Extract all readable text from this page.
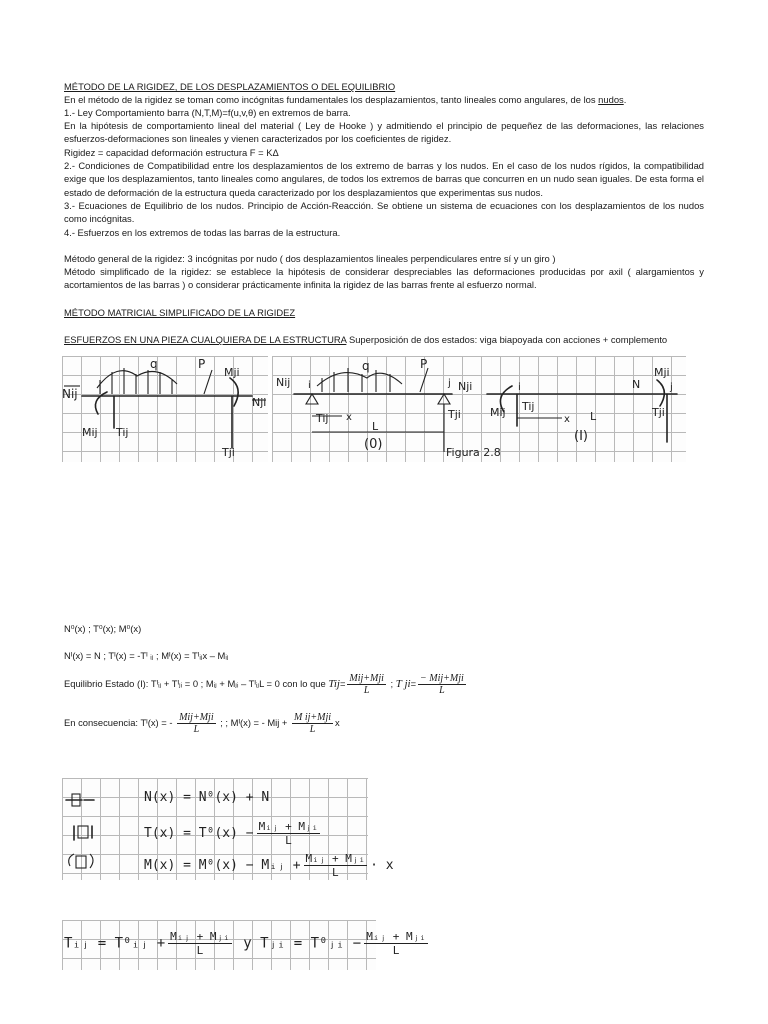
MÉTODO DE LA RIGIDEZ, DE LOS DESPLAZAMIENTOS O DEL EQUILIBRIO
En el método de la rigidez se toman como incógnitas fundamentales los desplazamientos, tanto lineales como angulares, de los nudos.
1.- Ley Comportamiento barra (N,T,M)=f(u,v,θ) en extremos de barra.
En la hipótesis de comportamiento lineal del material ( Ley de Hooke ) y admitiendo el principio de pequeñez de las deformaciones, las relaciones esfuerzos-deformaciones son lineales y vienen caracterizados por los coeficientes de rigidez.
Rigidez = capacidad deformación estructura F = KΔ
2.- Condiciones de Compatibilidad entre los desplazamientos de los extremo de barras y los nudos. En el caso de los nudos rígidos, la compatibilidad exige que los desplazamientos, tanto lineales como angulares, de todos los extremos de barras que concurren en un nudo sean iguales. De esta forma el estado de deformación de la estructura queda caracterizado por los desplazamientos que experimentas sus nudos.
3.- Ecuaciones de Equilibrio de los nudos. Principio de Acción-Reacción. Se obtiene un sistema de ecuaciones con los desplazamientos de los nudos como incógnitas.
4.- Esfuerzos en los extremos de todas las barras de la estructura.
Método general de la rigidez: 3 incógnitas por nudo ( dos desplazamientos lineales perpendiculares entre sí y un giro )
Método simplificado de la rigidez: se establece la hipótesis de considerar despreciables las deformaciones producidas por axil ( alargamientos y acortamientos de las barras ) o considerar prácticamente infinita la rigidez de las barras frente al esfuerzo normal.
MÉTODO MATRICIAL SIMPLIFICADO DE LA RIGIDEZ
ESFUERZOS EN UNA PIEZA CUALQUIERA DE LA ESTRUCTURA Superposición de dos estados: viga biapoyada con acciones + complemento
q	P
Nij
Nji
Mji
Mij Tij
Tji
q	P
Nij	Nji
i	j
Tij	Tji
x
L
(0)
Figura 2.8
i	j
N
Mji
Mij Tij	Tji
x L
(I)
N⁰(x) ; T⁰(x); M⁰(x)
Nᴵ(x) = N ; Tᴵ(x) = -Tᴵ ᵢⱼ ; Mᴵ(x) = Tᴵᵢⱼx – Mᵢⱼ
Equilibrio Estado (I): Tᴵᵢⱼ + Tᴵⱼᵢ = 0 ; Mᵢⱼ + Mⱼᵢ – TᴵᵢⱼL = 0 con lo que $Tij= \frac{\text{Mij+Mji}}{L}$ ; T $ji= \frac{\text{− Mij+Mji}}{L}$
En consecuencia: Tᴵ(x) = - $\frac{\text{Mij+Mji}}{L}$ ; ; Mᴵ(x) = - Mij + $\frac{\text{M ij+Mji}}{L}$ x
N(x) = N⁰(x) + N
T(x) = T⁰(x) − Mᵢⱼ + Mⱼᵢ
L
M(x) = M⁰(x) − Mᵢⱼ + Mᵢⱼ + Mⱼᵢ
L	· x
Tᵢⱼ = T⁰ᵢⱼ + Mᵢⱼ + Mⱼᵢ
L	y Tⱼᵢ = T⁰ⱼᵢ − Mᵢⱼ + Mⱼᵢ
L
